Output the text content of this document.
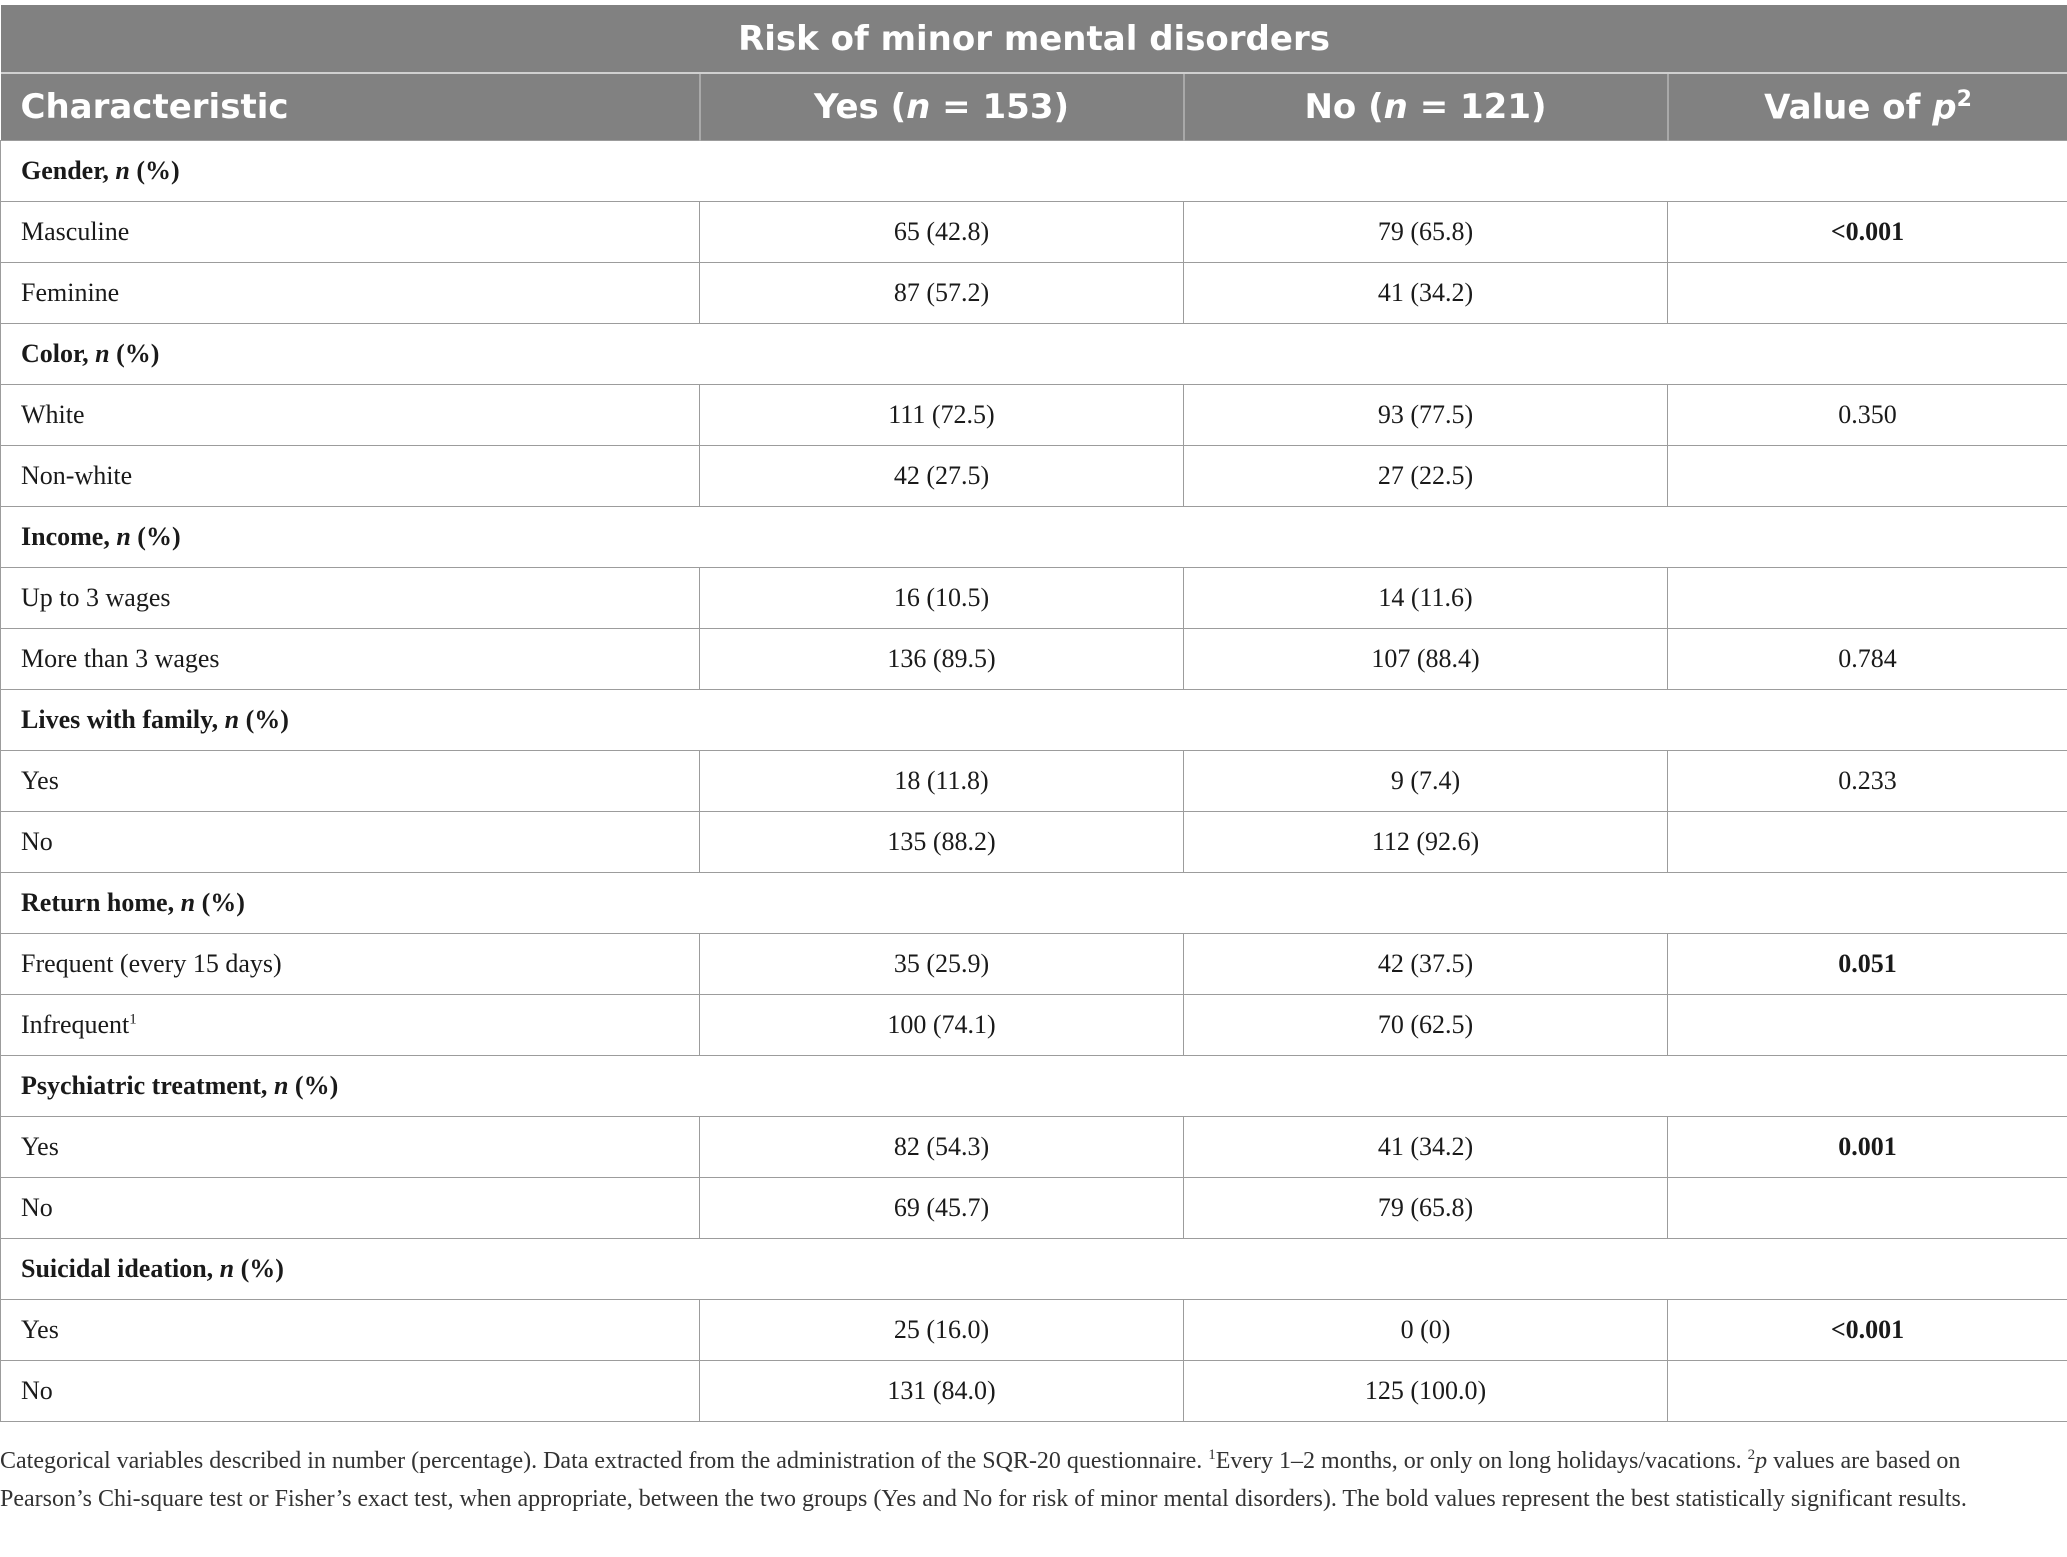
Risk of minor mental disorders			
Characteristic	Yes (n = 153)	No (n = 121)	Value of $p^2$
Gender, n (%)			
Masculine	65 (42.8)	79 (65.8)	<0.001
Feminine	87 (57.2)	41 (34.2)	
Color, n (%)			
White	111 (72.5)	93 (77.5)	0.350
Non-white	42 (27.5)	27 (22.5)	
Income, n (%)			
Up to 3 wages	16 (10.5)	14 (11.6)	
More than 3 wages	136 (89.5)	107 (88.4)	0.784
Lives with family, n (%)			
Yes	18 (11.8)	9 (7.4)	0.233
No	135 (88.2)	112 (92.6)	
Return home, n (%)			
Frequent (every 15 days)	35 (25.9)	42 (37.5)	0.051
Infrequent$^1$	100 (74.1)	70 (62.5)	
Psychiatric treatment, n (%)			
Yes	82 (54.3)	41 (34.2)	0.001
No	69 (45.7)	79 (65.8)	
Suicidal ideation, n (%)			
Yes	25 (16.0)	0 (0)	<0.001
No	131 (84.0)	125 (100.0)	
Categorical variables described in number (percentage). Data extracted from the administration of the SQR-20 questionnaire. $^1$Every 1–2 months, or only on long holidays/vacations. $^2$p values are based on Pearson’s Chi-square test or Fisher’s exact test, when appropriate, between the two groups (Yes and No for risk of minor mental disorders). The bold values represent the best statistically significant results.
